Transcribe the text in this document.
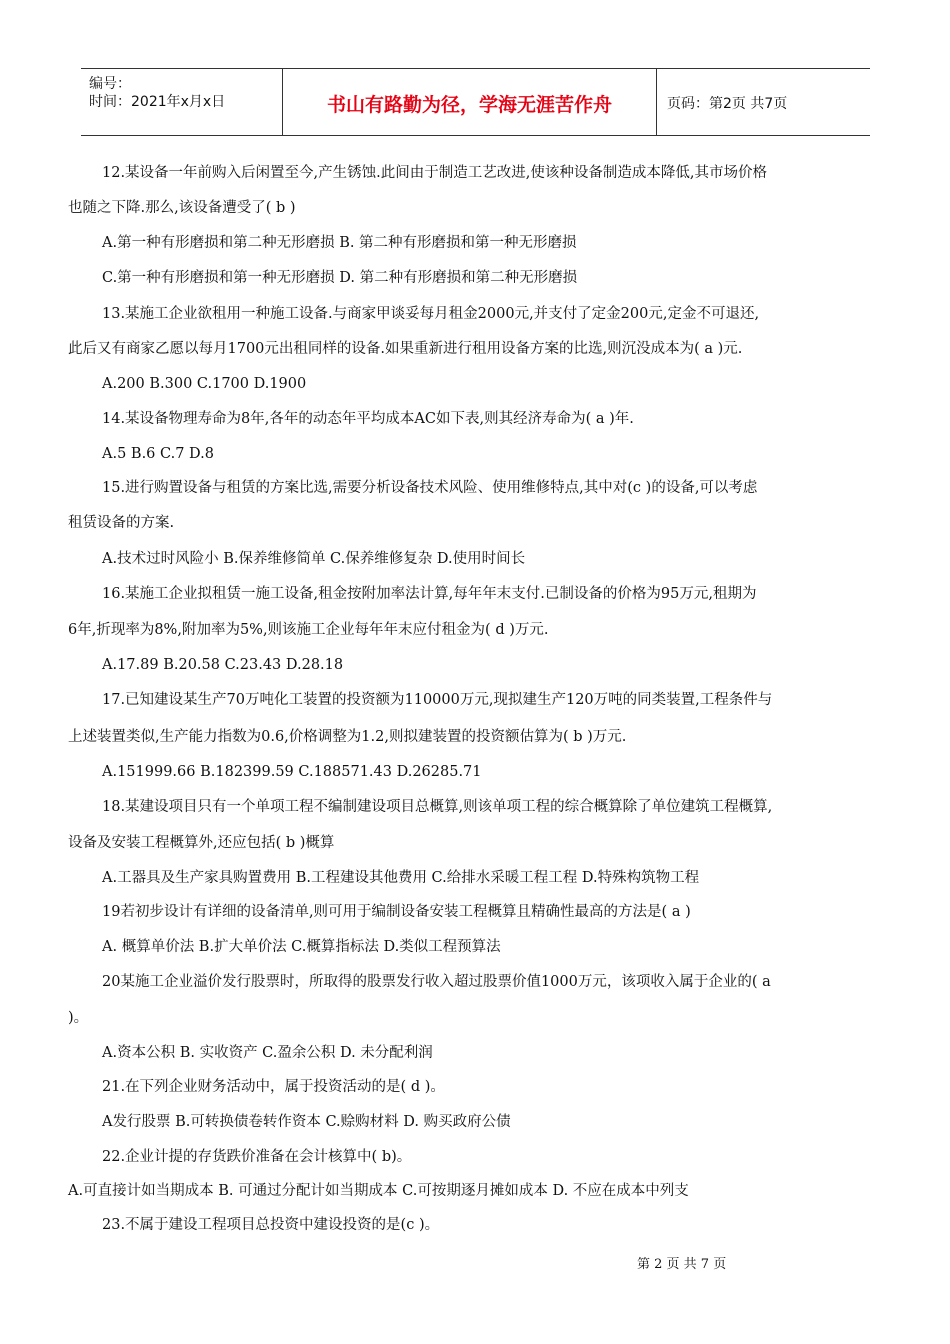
编号：
时间：2021年x月x日	书山有路勤为径，学海无涯苦作舟	页码：第2页 共7页
12.某设备一年前购入后闲置至今,产生锈蚀.此间由于制造工艺改进,使该种设备制造成本降低,其市场价格
也随之下降.那么,该设备遭受了( b )
A.第一种有形磨损和第二种无形磨损 B. 第二种有形磨损和第一种无形磨损
C.第一种有形磨损和第一种无形磨损 D. 第二种有形磨损和第二种无形磨损
13.某施工企业欲租用一种施工设备.与商家甲谈妥每月租金2000元,并支付了定金200元,定金不可退还,
此后又有商家乙愿以每月1700元出租同样的设备.如果重新进行租用设备方案的比选,则沉没成本为( a )元.
A.200 B.300 C.1700 D.1900
14.某设备物理寿命为8年,各年的动态年平均成本AC如下表,则其经济寿命为( a )年.
A.5 B.6 C.7 D.8
15.进行购置设备与租赁的方案比选,需要分析设备技术风险、使用维修特点,其中对(c )的设备,可以考虑
租赁设备的方案.
A.技术过时风险小 B.保养维修简单 C.保养维修复杂 D.使用时间长
16.某施工企业拟租赁一施工设备,租金按附加率法计算,每年年末支付.已制设备的价格为95万元,租期为
6年,折现率为8%,附加率为5%,则该施工企业每年年末应付租金为( d )万元.
A.17.89 B.20.58 C.23.43 D.28.18
17.已知建设某生产70万吨化工装置的投资额为110000万元,现拟建生产120万吨的同类装置,工程条件与
上述装置类似,生产能力指数为0.6,价格调整为1.2,则拟建装置的投资额估算为( b )万元.
A.151999.66 B.182399.59 C.188571.43 D.26285.71
18.某建设项目只有一个单项工程不编制建设项目总概算,则该单项工程的综合概算除了单位建筑工程概算,
设备及安装工程概算外,还应包括( b )概算
A.工器具及生产家具购置费用 B.工程建设其他费用 C.给排水采暖工程工程 D.特殊构筑物工程
19若初步设计有详细的设备清单,则可用于编制设备安装工程概算且精确性最高的方法是( a )
A. 概算单价法 B.扩大单价法 C.概算指标法 D.类似工程预算法
20某施工企业溢价发行股票时，所取得的股票发行收入超过股票价值1000万元，该项收入属于企业的( a
)。
A.资本公积 B. 实收资产 C.盈余公积 D. 未分配利润
21.在下列企业财务活动中，属于投资活动的是( d )。
A发行股票 B.可转换债卷转作资本 C.赊购材料 D. 购买政府公债
22.企业计提的存货跌价准备在会计核算中( b)。
A.可直接计如当期成本 B. 可通过分配计如当期成本 C.可按期逐月摊如成本 D. 不应在成本中列支
23.不属于建设工程项目总投资中建设投资的是(c )。
第 2 页 共 7 页
